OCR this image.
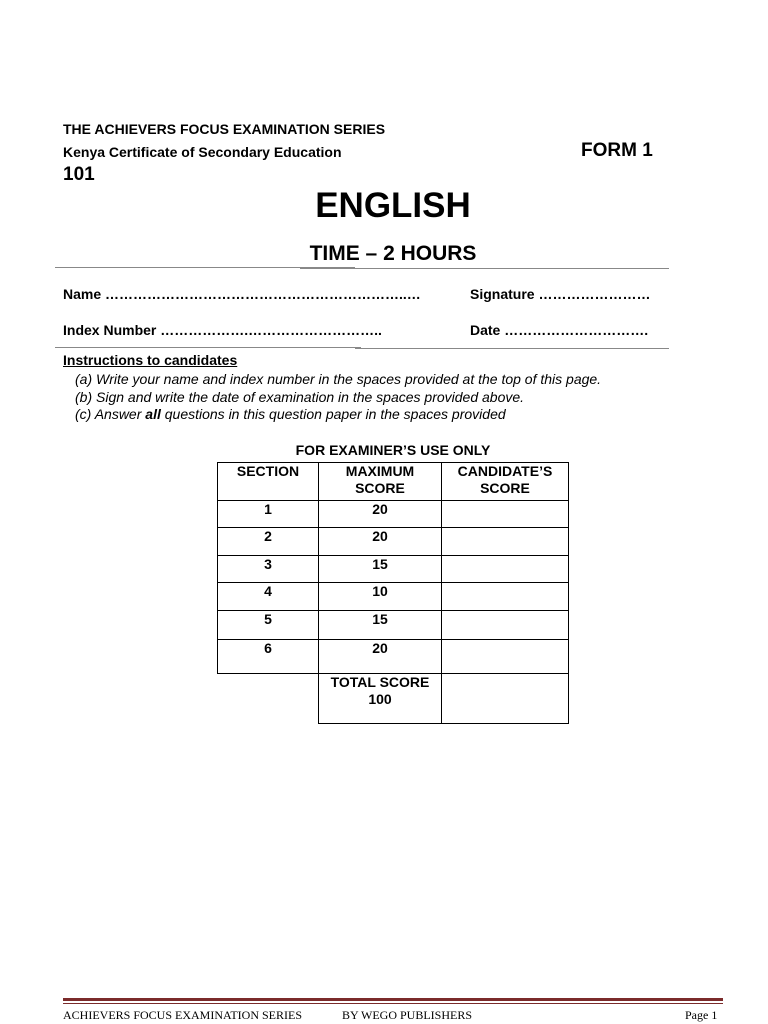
THE ACHIEVERS FOCUS EXAMINATION SERIES
Kenya Certificate of Secondary Education
101
FORM 1
ENGLISH
TIME – 2 HOURS
Name ………………………………………………………..…	Signature ……………………
Index Number ……………….………………………..	Date ………………………….
Instructions to candidates
(a) Write your name and index number in the spaces provided at the top of this page.
(b) Sign and write the date of examination in the spaces provided above.
(c) Answer all questions in this question paper in the spaces provided
FOR EXAMINER’S USE ONLY
SECTION	MAXIMUM SCORE	CANDIDATE’S SCORE
1	20	
2	20	
3	15	
4	10	
5	15	
6	20	

	TOTAL SCORE
100	

ACHIEVERS FOCUS EXAMINATION SERIES	BY WEGO PUBLISHERS	Page 1
